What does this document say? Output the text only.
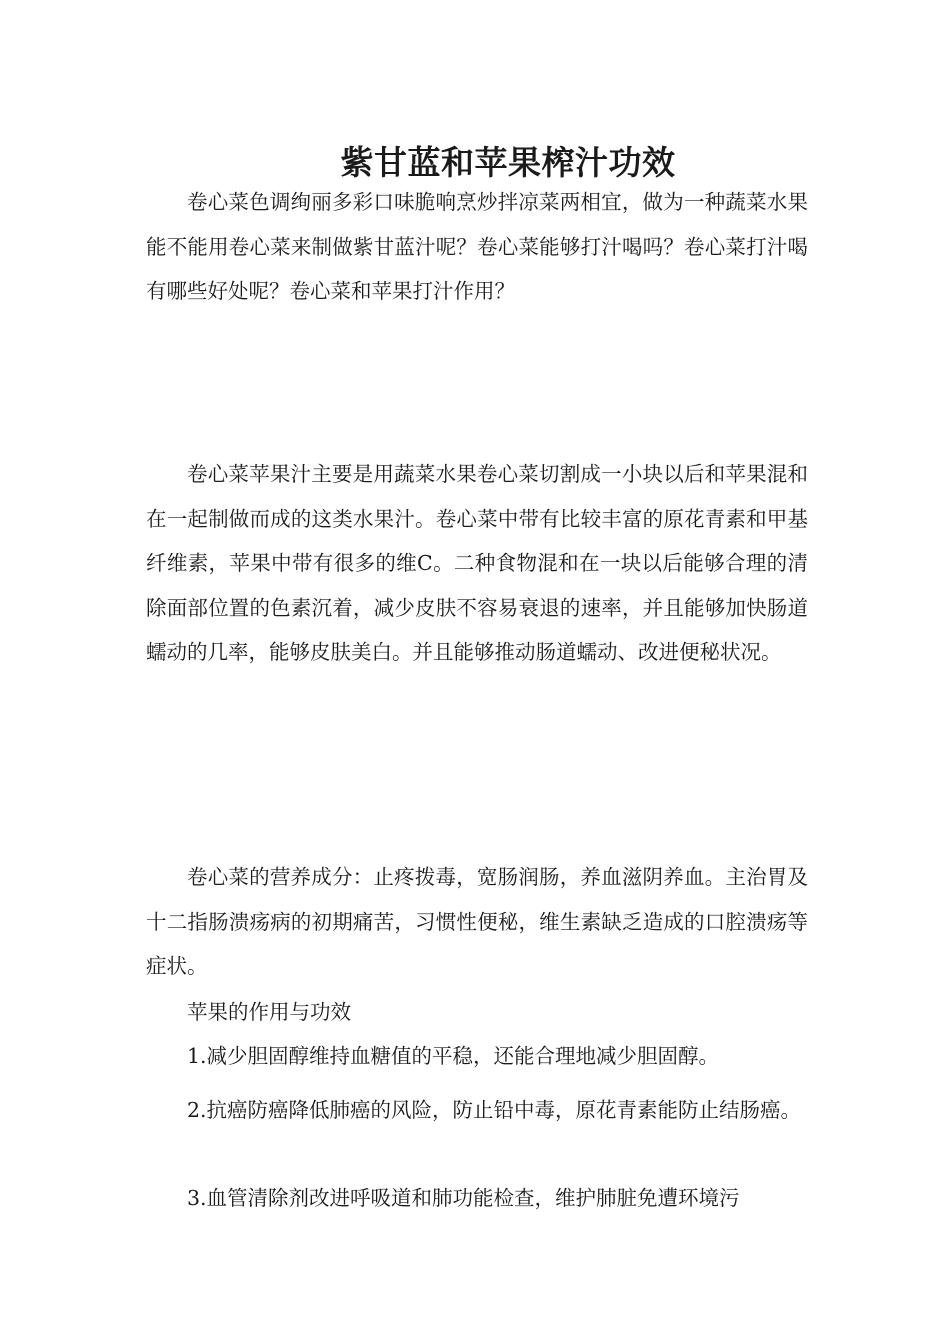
紫甘蓝和苹果榨汁功效

卷心菜色调绚丽多彩口味脆响烹炒拌凉菜两相宜，做为一种蔬菜水果能不能用卷心菜来制做紫甘蓝汁呢？卷心菜能够打汁喝吗？卷心菜打汁喝有哪些好处呢？卷心菜和苹果打汁作用？

卷心菜苹果汁主要是用蔬菜水果卷心菜切割成一小块以后和苹果混和在一起制做而成的这类水果汁。卷心菜中带有比较丰富的原花青素和甲基纤维素，苹果中带有很多的维C。二种食物混和在一块以后能够合理的清除面部位置的色素沉着，减少皮肤不容易衰退的速率，并且能够加快肠道蠕动的几率，能够皮肤美白。并且能够推动肠道蠕动、改进便秘状况。

卷心菜的营养成分：止疼拨毒，宽肠润肠，养血滋阴养血。主治胃及十二指肠溃疡病的初期痛苦，习惯性便秘，维生素缺乏造成的口腔溃疡等症状。

苹果的作用与功效

1.减少胆固醇维持血糖值的平稳，还能合理地减少胆固醇。

2.抗癌防癌降低肺癌的风险，防止铅中毒，原花青素能防止结肠癌。

3.血管清除剂改进呼吸道和肺功能检查，维护肺脏免遭环境污
